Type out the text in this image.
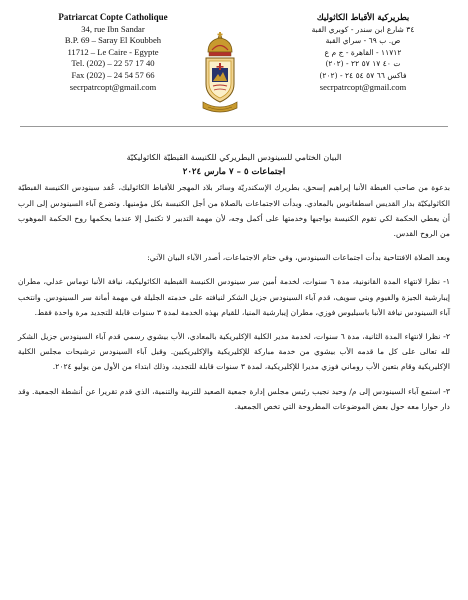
Patriarcat Copte Catholique
34, rue Ibn Sandar
B.P. 69 – Saray El Koubbeh
11712 – Le Caire - Egypte
Tel. (202) – 22 57 17 40
Fax (202) – 24 54 57 66
secrpatrcopt@gmail.com
بطريركية الأقباط الكاثوليك
٣٤ شارع ابن سندر - كوبري القبة
ص. ب ٦٩ - سراي القبة
١١٧١٢ - القاهرة - ج م ع
ت ٤٠ ١٧ ٥٧ ٢٢ - (٢٠٢)
فاكس ٦٦ ٥٧ ٥٤ ٢٤ - (٢٠٢)
secrpatrcopt@gmail.com

البيان الختامي للسينودس البطريركي للكنيسة القبطيّة الكاثوليكيّة

اجتماعات ٥ – ٧ مارس ٢٠٢٤

بدعوة من صاحب الغبطة الأنبا إبراهيم إسحق، بطريرك الإسكندريّة وسائر بلاد المهجر للأقباط الكاثوليك، عُقد سينودس الكنيسة القبطيّة الكاثوليكيّة بدار القديس اسطفانوس بالمعادي. وبدأت الاجتماعات بالصلاة من أجل الكنيسة بكل مؤمنيها. وتضرع آباء السينودس إلى الرب أن يعطي الحكمة لكي تقوم الكنيسة بواجبها وخدمتها على أكمل وجه، لأن مهمة التدبير لا تكتمل إلا عندما يحكمها روح الحكمة الموهوب من الروح القدس.

وبعد الصلاة الافتتاحية بدأت اجتماعات السينودس، وفي ختام الاجتماعات، أصدر الآباء البيان الآتي:

١- نظرا لانتهاء المدة القانونية، مدة ٦ سنوات، لخدمة أمين سر سينودس الكنيسة القبطية الكاثوليكية، نيافة الأنبا توماس عدلي، مطران إيبارشية الجيزة والفيوم وبني سويف، قدم آباء السينودس جزيل الشكر لنيافته على خدمته الجليلة في مهمة أمانة سر السينودس. وانتخب آباء السينودس نيافة الأنبا باسيليوس فوزي، مطران إيبارشية المنيا، للقيام بهذه الخدمة لمدة ٣ سنوات قابلة للتجديد مرة واحدة فقط.

٢- نظرا لانتهاء المدة الثانية، مدة ٦ سنوات، لخدمة مدير الكلية الإكليريكية بالمعادي، الأب بيشوي رسمي قدم آباء السينودس جزيل الشكر لله تعالى على كل ما قدمه الأب بيشوي من خدمة مباركة للإكليريكية والإكليريكيين. وقبل آباء السينودس ترشيحات مجلس الكلية الإكليريكية وقام بتعين الأب روماني فوزي مديرا للإكليريكية، لمدة ٣ سنوات قابلة للتجديد، وذلك ابتداء من الأول من يوليو ٢٠٢٤.

٣- استمع آباء السينودس إلى م/ وحيد نجيب رئيس مجلس إدارة جمعية الصعيد للتربية والتنمية، الذي قدم تقريرا عن أنشطة الجمعية. وقد دار حوارا معه حول بعض الموضوعات المطروحة التي تخص الجمعية.
